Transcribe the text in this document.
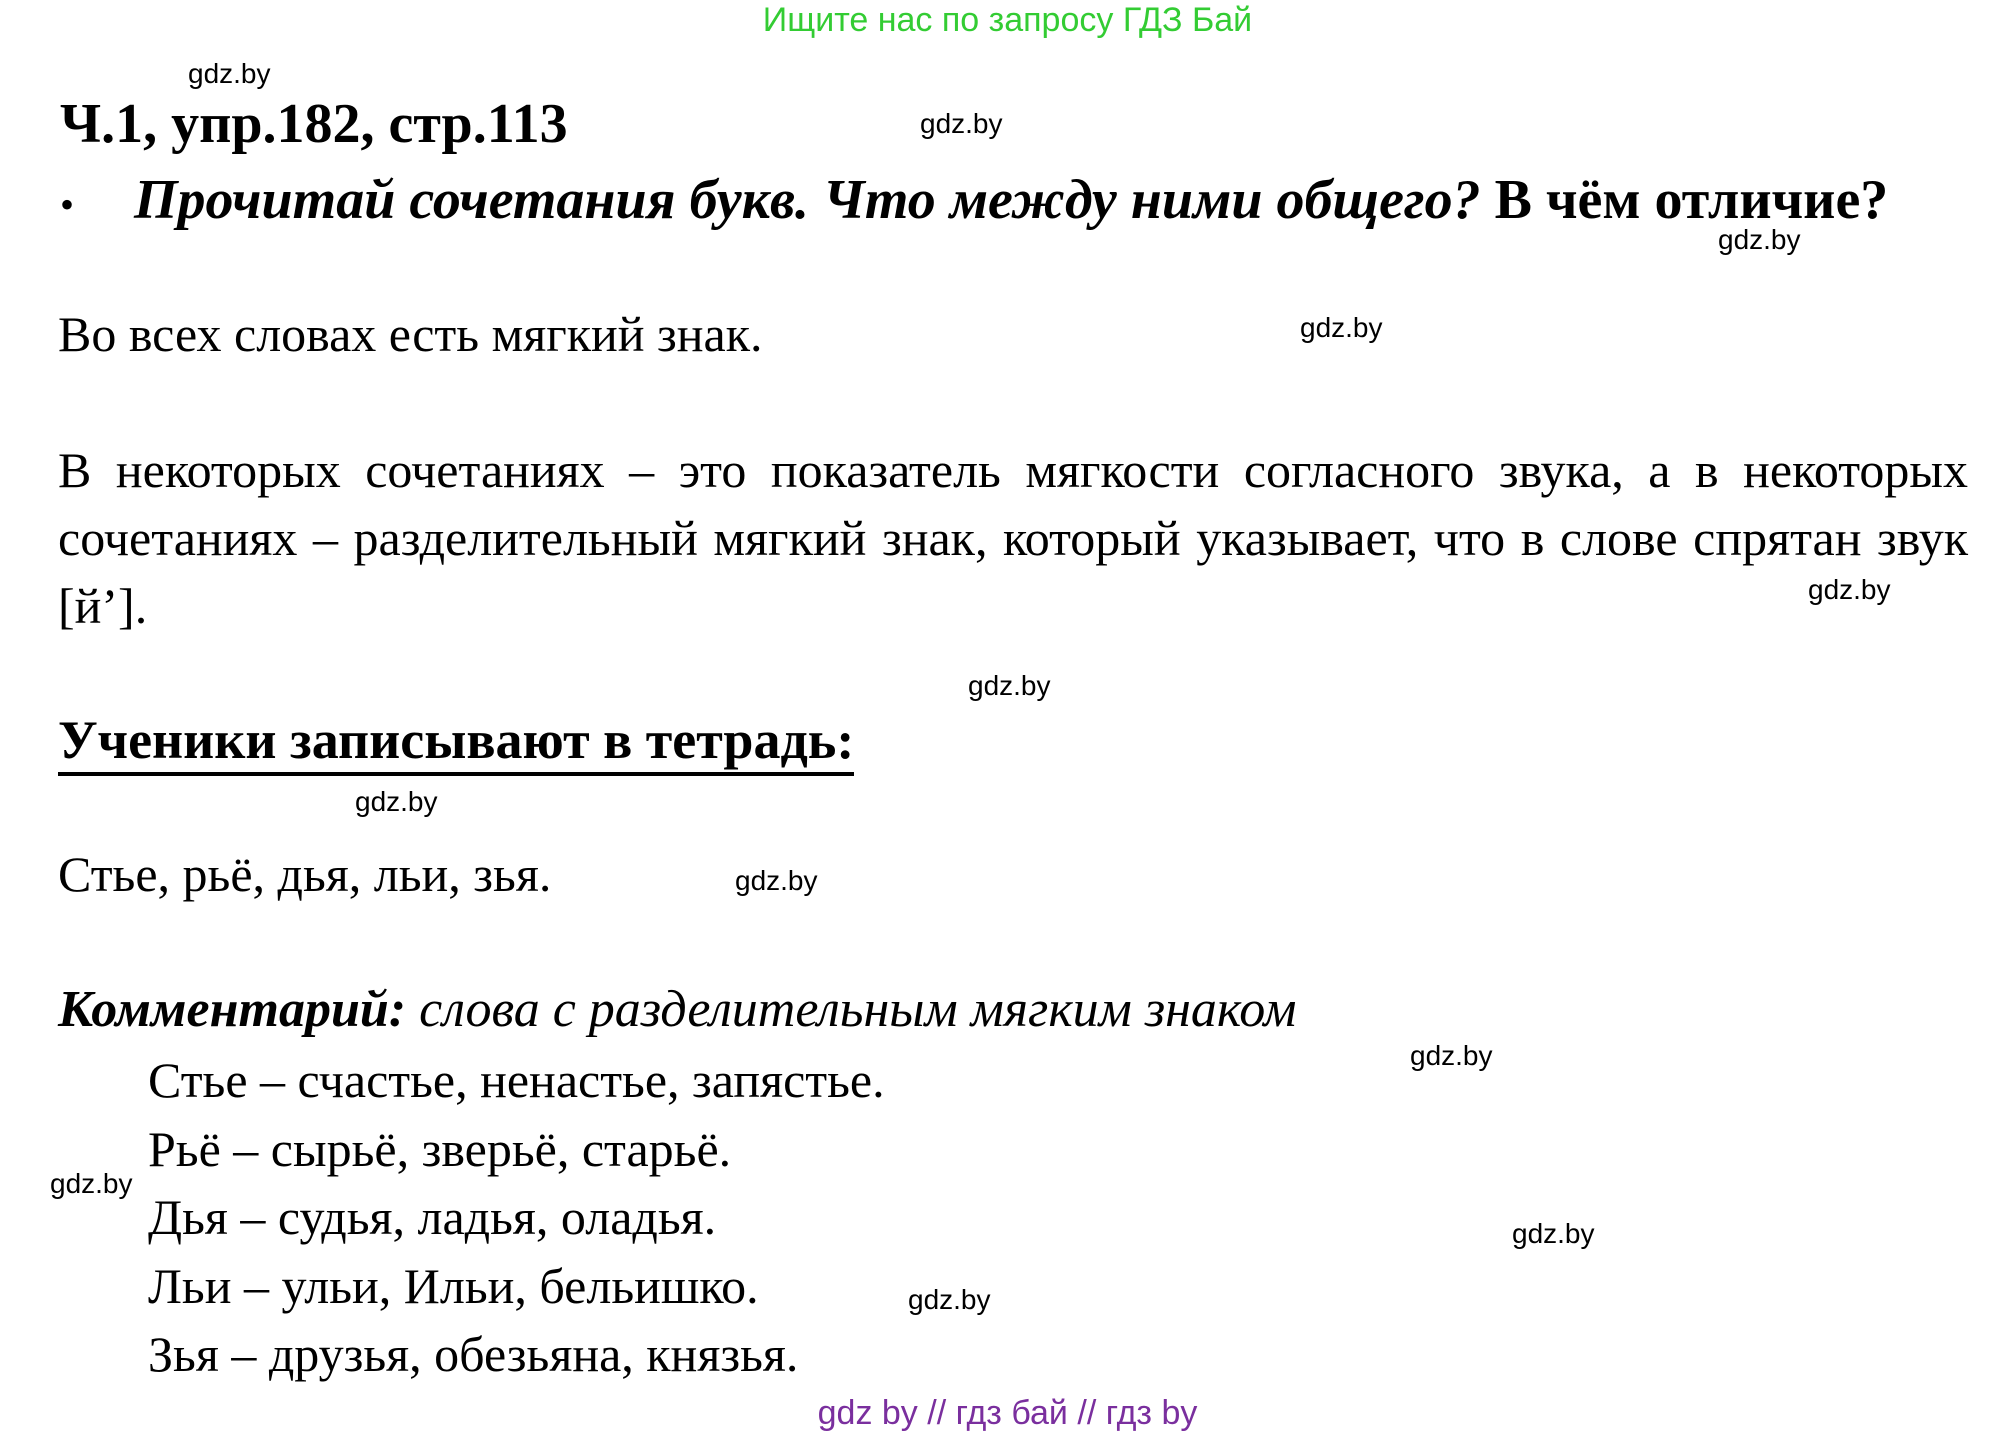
Ищите нас по запросу ГДЗ Бай
gdz.by
gdz.by
gdz.by
gdz.by
gdz.by
gdz.by
gdz.by
gdz.by
gdz.by
gdz.by
gdz.by
gdz.by
Ч.1, упр.182, стр.113
• Прочитай сочетания букв. Что между ними общего? В чём отличие?
Во всех словах есть мягкий знак.
В некоторых сочетаниях – это показатель мягкости согласного звука, а в некоторых сочетаниях – разделительный мягкий знак, который указывает, что в слове спрятан звук [й’].
Ученики записывают в тетрадь:
Стье, рьё, дья, льи, зья.
Комментарий: слова с разделительным мягким знаком
Стье – счастье, ненастье, запястье.
Рьё – сырьё, зверьё, старьё.
Дья – судья, ладья, оладья.
Льи – ульи, Ильи, бельишко.
Зья – друзья, обезьяна, князья.
gdz by // гдз бай // гдз by
